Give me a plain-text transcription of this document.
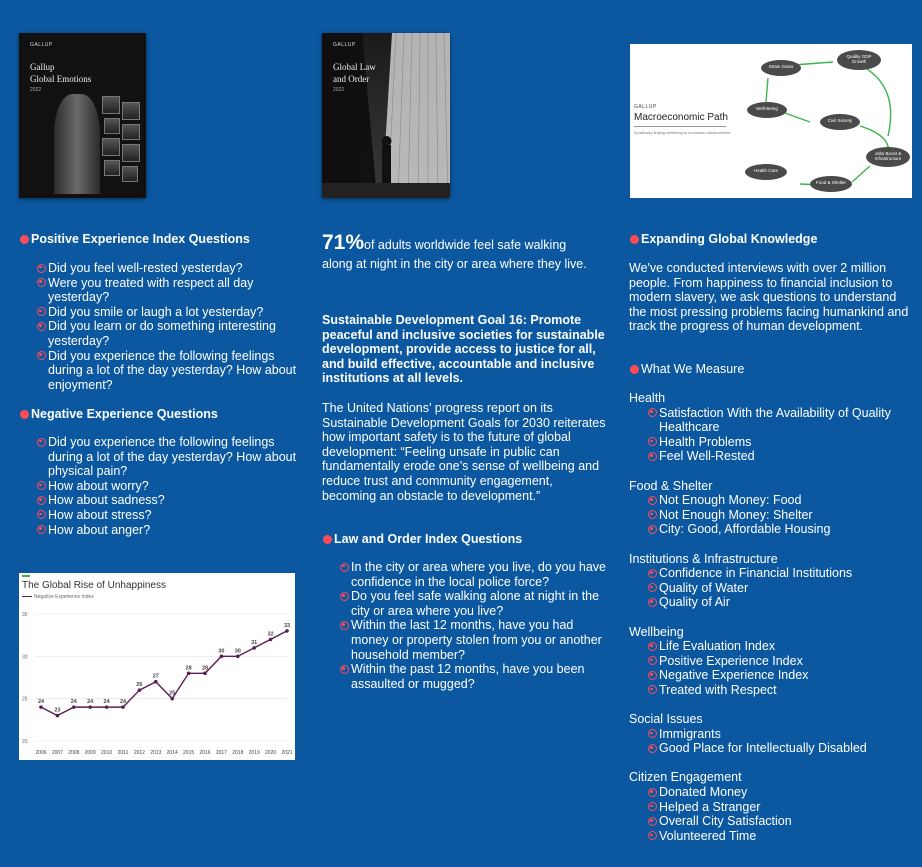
GALLUP
Gallup
Global Emotions
2022
GALLUP
Global Law
and Order
2022
GALLUP
Macroeconomic Path
A pathway linking wellbeing to economic advancement
Strain Gains
Quality GDP Growth
Well-Being
Civil Society
Jobs Boost & Infrastructure
Health Care
Food & Shelter
Positive Experience Index Questions
Did you feel well-rested yesterday?
Were you treated with respect all day yesterday?
Did you smile or laugh a lot yesterday?
Did you learn or do something interesting yesterday?
Did you experience the following feelings during a lot of the day yesterday? How about enjoyment?
Negative Experience Questions
Did you experience the following feelings during a lot of the day yesterday? How about physical pain?
How about worry?
How about sadness?
How about stress?
How about anger?
The Global Rise of Unhappiness
Negative Experience Index
35
30
25
20
2006 2007 2008 2009 2010 2011 2012 2013 2014 2015 2016 2017 2018 2019 2020 2021
24
23
24 24 24 24
26
27
25
28 28
30 30
31
32
33
71%of adults worldwide feel safe walking along at night in the city or area where they live.
Sustainable Development Goal 16: Promote peaceful and inclusive societies for sustainable development, provide access to justice for all, and build effective, accountable and inclusive institutions at all levels.
The United Nations’ progress report on its Sustainable Development Goals for 2030 reiterates how important safety is to the future of global development: “Feeling unsafe in public can fundamentally erode one’s sense of wellbeing and reduce trust and community engagement, becoming an obstacle to development.”
Law and Order Index Questions
In the city or area where you live, do you have confidence in the local police force?
Do you feel safe walking alone at night in the city or area where you live?
Within the last 12 months, have you had money or property stolen from you or another household member?
Within the past 12 months, have you been assaulted or mugged?
Expanding Global Knowledge
We've conducted interviews with over 2 million people. From happiness to financial inclusion to modern slavery, we ask questions to understand the most pressing problems facing humankind and track the progress of human development.
What We Measure
Health
Satisfaction With the Availability of Quality Healthcare
Health Problems
Feel Well-Rested
Food & Shelter
Not Enough Money: Food
Not Enough Money: Shelter
City: Good, Affordable Housing
Institutions & Infrastructure
Confidence in Financial Institutions
Quality of Water
Quality of Air
Wellbeing
Life Evaluation Index
Positive Experience Index
Negative Experience Index
Treated with Respect
Social Issues
Immigrants
Good Place for Intellectually Disabled
Citizen Engagement
Donated Money
Helped a Stranger
Overall City Satisfaction
Volunteered Time
